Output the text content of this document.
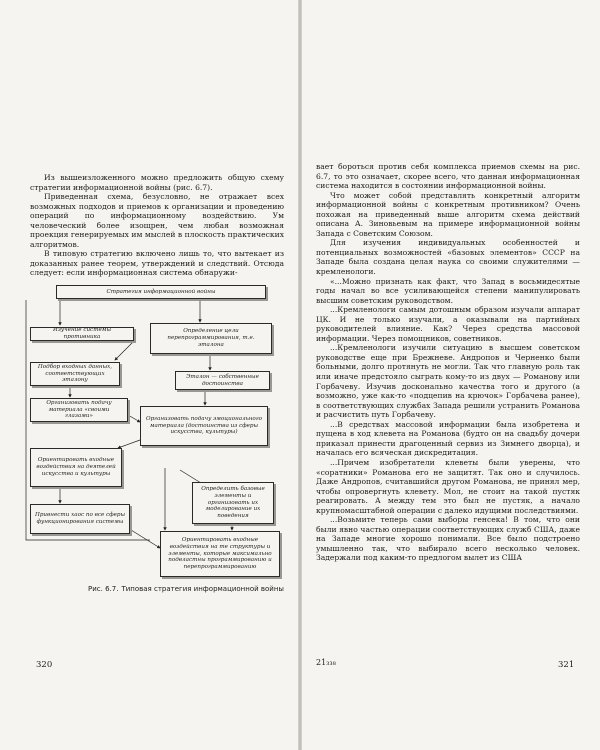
Из вышеизложенного можно предложить общую схему стратегии информационной войны (рис. 6.7).

Приведенная схема, безусловно, не отражает всех возможных подходов и приемов к организации и проведению операций по информационному воздействию. Ум человеческий более изощрен, чем любая возможная проекция генерируемых им мыслей в плоскость практических алгоритмов.

В типовую стратегию включено лишь то, что вытекает из доказанных ранее теорем, утверждений и следствий. Отсюда следует: если информационная система обнаружи-

Стратегия информационной войны
Изучение системы противника
Определение цели перепрограммирования, т.е. эталона
Подбор входных данных, соответствующих эталону
Эталон — собственные достоинства
Организовать подачу материала «своими глазами»	Организовать подачу эмоционального материала (достоинства из сферы искусства, культуры)
Ориентировать входные воздействия на деятелей искусства и культуры
Привнести хаос по все сферы функционирования системы
Определить базовые элементы и организовать их моделирование их поведения
Ориентировать входные воздействия на те структуры и элементы, которые максимально подвластны программированию и перепрограммированию
Рис. 6.7. Типовая стратегия информационной войны
320

вает бороться против себя комплекса приемов схемы на рис. 6.7, то это означает, скорее всего, что данная информационная система находится в состоянии информационной войны.

Что может собой представлять конкретный алгоритм информационной войны с конкретным противником? Очень похожая на приведенный выше алгоритм схема действий описана А. Зиновьевым на примере информационной войны Запада с Советским Союзом.

Для изучения индивидуальных особенностей и потенциальных возможностей «базовых элементов» СССР на Западе была создана целая наука со своими служителями — кремленологи.

«...Можно признать как факт, что Запад в восьмидесятые годы начал во все усиливающейся степени манипулировать высшим советским руководством.

...Кремленологи самым дотошным образом изучали аппарат ЦК. И не только изучали, а оказывали на партийных руководителей влияние. Как? Через средства массовой информации. Через помощников, советников.

...Кремленологи изучили ситуацию в высшем советском руководстве еще при Брежневе. Андропов и Черненко были больными, долго протянуть не могли. Так что главную роль так или иначе предстояло сыграть кому-то из двух — Романову или Горбачеву. Изучив досконально качества того и другого (а возможно, уже как-то «подцепив на крючок» Горбачева ранее), в соответствующих службах Запада решили устранить Романова и расчистить путь Горбачеву.

...В средствах массовой информации была изобретена и пущена в ход клевета на Романова (будто он на свадьбу дочери приказал принести драгоценный сервиз из Зимнего дворца), и началась его всяческая дискредитация.

...Причем изобретатели клеветы были уверены, что «соратники» Романова его не защитят. Так оно и случилось. Даже Андропов, считавшийся другом Романова, не принял мер, чтобы опровергнуть клевету. Мол, не стоит на такой пустяк реагировать. А между тем это был не пустяк, а начало крупномасштабной операции с далеко идущими последствиями.

...Возьмите теперь сами выборы генсека! В том, что они были явно частью операции соответствующих служб США, даже на Западе многие хорошо понимали. Все было подстроено умышленно так, что выбирало всего несколько человек. Задержали под каким-то предлогом вылет из США

21₃₃₈	321
